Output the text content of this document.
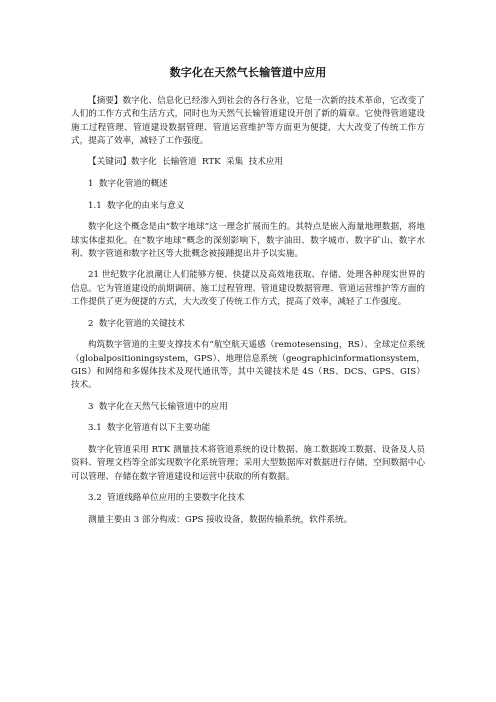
数字化在天然气长输管道中应用

【摘要】数字化、信息化已经渗入到社会的各行各业，它是一次新的技术革命，它改变了人们的工作方式和生活方式，同时也为天然气长输管道建设开创了新的篇章。它使得管道建设施工过程管理、管道建设数据管理、管道运营维护等方面更为便捷，大大改变了传统工作方式，提高了效率，减轻了工作强度。

【关键词】数字化  长输管道  RTK  采集  技术应用

1  数字化管道的概述

1.1  数字化的由来与意义

数字化这个概念是由“数字地球”这一理念扩展而生的。其特点是嵌入海量地理数据，将地球实体虚拟化。在“数字地球”概念的深刻影响下，数字油田、数字城市、数字矿山、数字水利、数字管道和数字社区等大批概念被接踵提出并予以实施。

21 世纪数字化浪潮让人们能够方便、快捷以及高效地获取、存储、处理各种现实世界的信息。它为管道建设的前期调研、施工过程管理、管道建设数据管理、管道运营维护等方面的工作提供了更为便捷的方式，大大改变了传统工作方式，提高了效率，减轻了工作强度。

2  数字化管道的关键技术

构筑数字管道的主要支撑技术有“航空航天遥感（remotesensing，RS）、全球定位系统（globalpositioningsystem，GPS）、地理信息系统（geographicinformationsystem，GIS）和网络和多媒体技术及现代通讯等，其中关键技术是 4S（RS、DCS、GPS、GIS）技术。

3  数字化在天然气长输管道中的应用

3.1  数字化管道有以下主要功能

数字化管道采用 RTK 测量技术将管道系统的设计数据、施工数据竣工数据、设备及人员资料、管理文档等全部实现数字化系统管理；采用大型数据库对数据进行存储，空间数据中心可以管理、存储在数字管道建设和运营中获取的所有数据。

3.2  管道线路单位应用的主要数字化技术

测量主要由 3 部分构成：GPS 接收设备，数据传输系统，软件系统。
